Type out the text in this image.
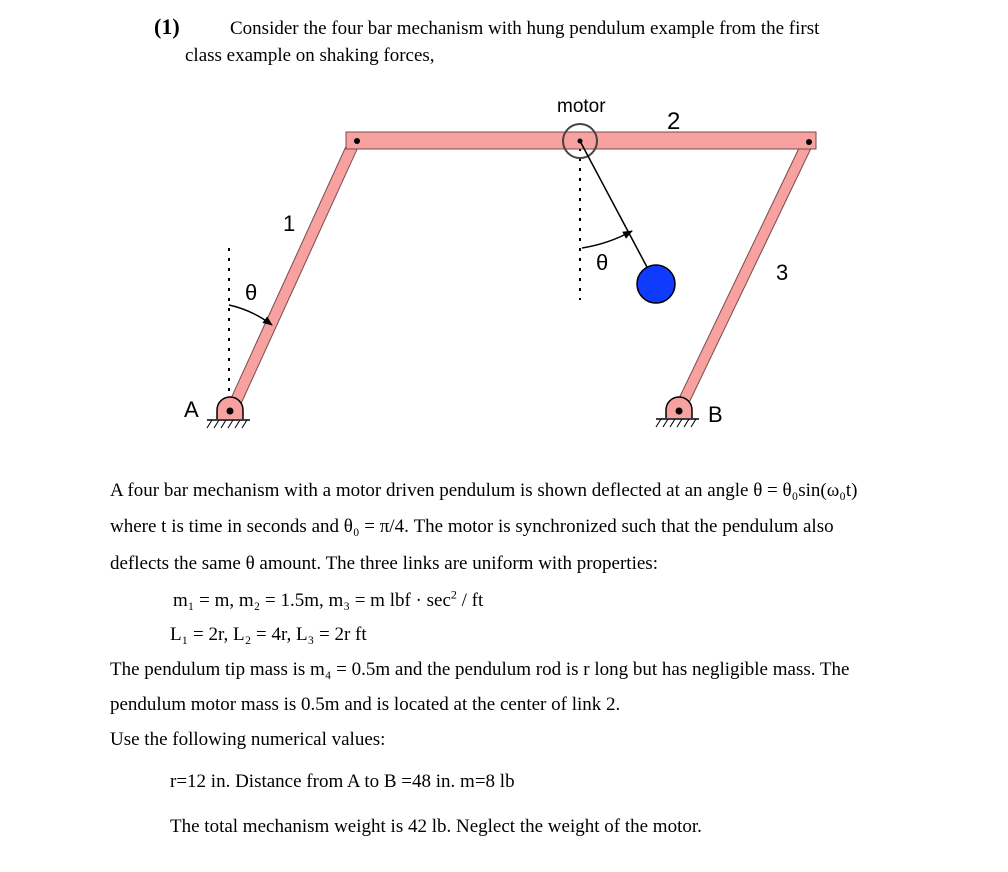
(1)	Consider the four bar mechanism with hung pendulum example from the first
class example on shaking forces,
motor
2
1
3
θ
θ
A	B
A four bar mechanism with a motor driven pendulum is shown deflected at an angle θ = θ₀sin(ω₀t)
where t is time in seconds and θ₀ = π/4. The motor is synchronized such that the pendulum also
deflects the same θ amount. The three links are uniform with properties:
m₁ = m, m₂ = 1.5m, m₃ = m lbf · $\sec^2$ / ft
L₁ = 2r, L₂ = 4r, L₃ = 2r ft
The pendulum tip mass is m₄ = 0.5m and the pendulum rod is r long but has negligible mass. The
pendulum motor mass is 0.5m and is located at the center of link 2.
Use the following numerical values:
r=12 in. Distance from A to B =48 in. m=8 lb
The total mechanism weight is 42 lb. Neglect the weight of the motor.
